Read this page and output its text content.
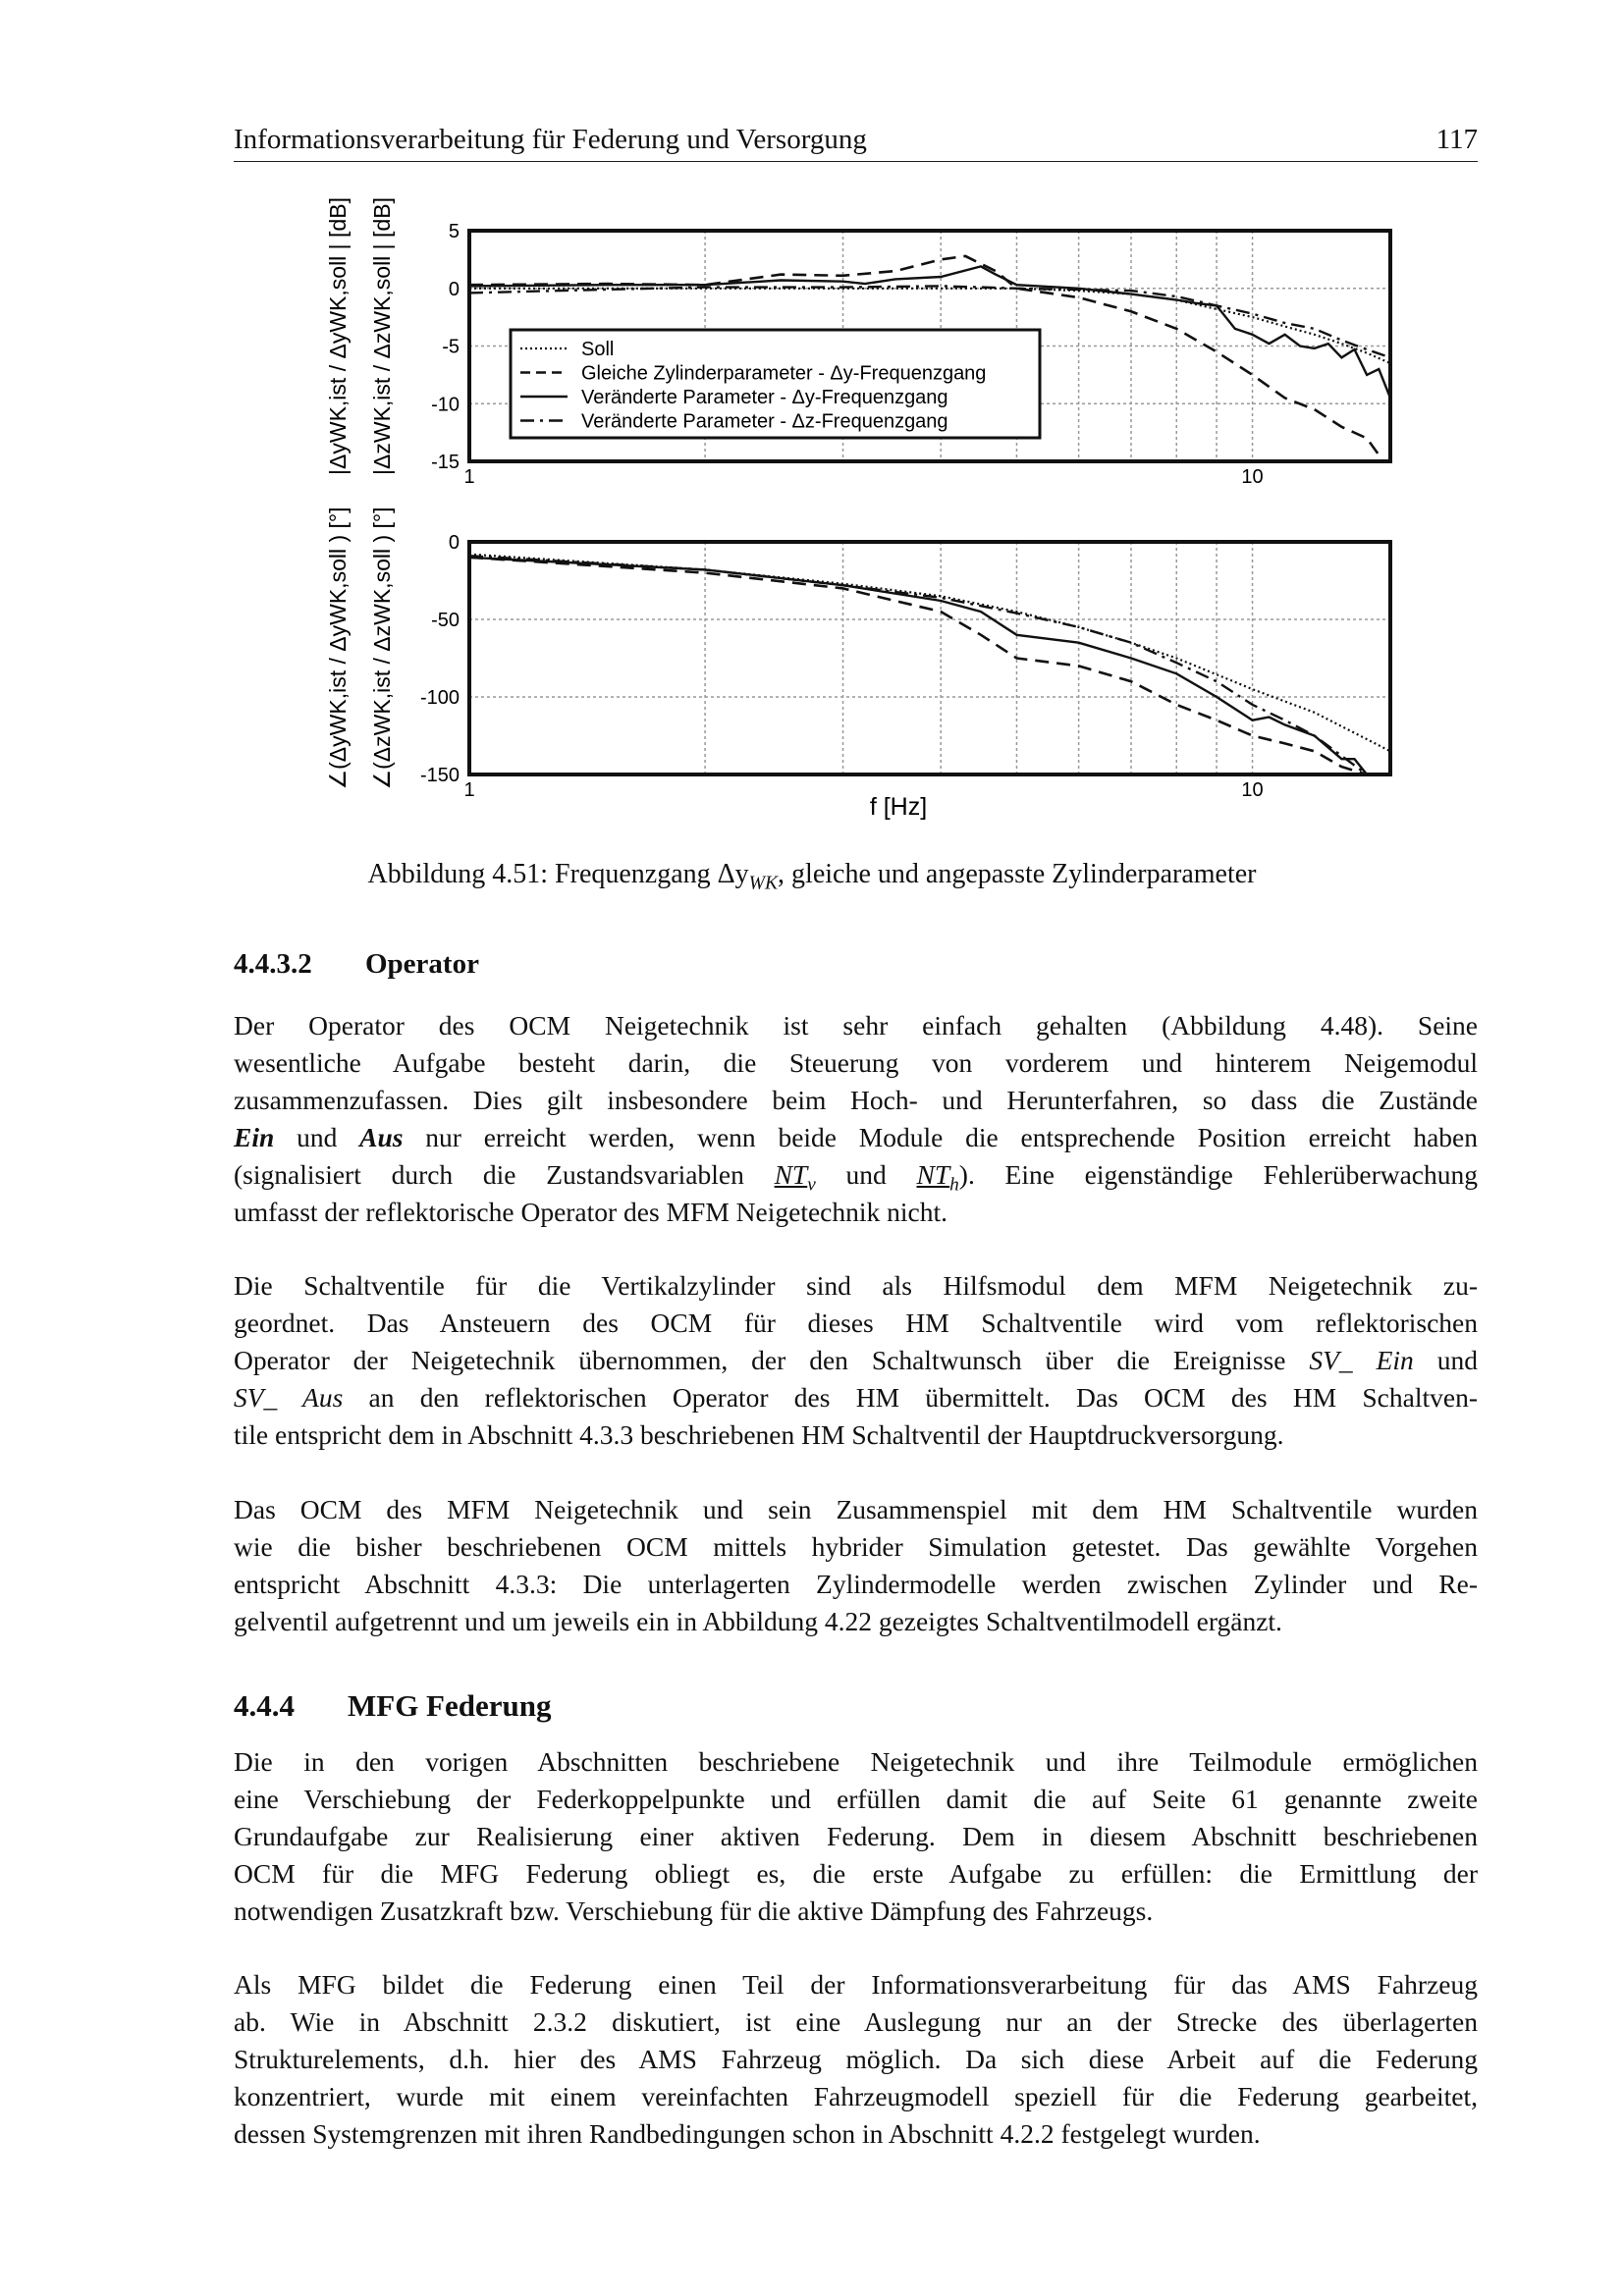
Informationsverarbeitung für Federung und Versorgung	117
5
0
-5
-10
-15
1	10
|ΔyWK,ist / ΔyWK,soll | [dB] |ΔzWK,ist / ΔzWK,soll | [dB]	Soll
Gleiche Zylinderparameter - Δy-Frequenzgang
Veränderte Parameter - Δy-Frequenzgang
Veränderte Parameter - Δz-Frequenzgang
0
-50
-100
-150
1	10
∠(ΔyWK,ist / ΔyWK,soll ) [°] ∠(ΔzWK,ist / ΔzWK,soll ) [°]
f [Hz]
Abbildung 4.51: Frequenzgang $\Delta y_{WK}$, gleiche und angepasste Zylinderparameter
4.4.3.2 Operator
4.4.4 MFG Federung
Der Operator des OCM Neigetechnik ist sehr einfach gehalten (Abbildung 4.48). Seine
wesentliche Aufgabe besteht darin, die Steuerung von vorderem und hinterem Neigemodul
zusammenzufassen. Dies gilt insbesondere beim Hoch- und Herunterfahren, so dass die Zustände
Ein und Aus nur erreicht werden, wenn beide Module die entsprechende Position erreicht haben
(signalisiert durch die Zustandsvariablen $NT_v$ und $NT_h$). Eine eigenständige Fehlerüberwachung
umfasst der reflektorische Operator des MFM Neigetechnik nicht.
Die Schaltventile für die Vertikalzylinder sind als Hilfsmodul dem MFM Neigetechnik zu-
geordnet. Das Ansteuern des OCM für dieses HM Schaltventile wird vom reflektorischen
Operator der Neigetechnik übernommen, der den Schaltwunsch über die Ereignisse SV_ Ein und
SV_ Aus an den reflektorischen Operator des HM übermittelt. Das OCM des HM Schaltven-
tile entspricht dem in Abschnitt 4.3.3 beschriebenen HM Schaltventil der Hauptdruckversorgung.
Das OCM des MFM Neigetechnik und sein Zusammenspiel mit dem HM Schaltventile wurden
wie die bisher beschriebenen OCM mittels hybrider Simulation getestet. Das gewählte Vorgehen
entspricht Abschnitt 4.3.3: Die unterlagerten Zylindermodelle werden zwischen Zylinder und Re-
gelventil aufgetrennt und um jeweils ein in Abbildung 4.22 gezeigtes Schaltventilmodell ergänzt.
Die in den vorigen Abschnitten beschriebene Neigetechnik und ihre Teilmodule ermöglichen
eine Verschiebung der Federkoppelpunkte und erfüllen damit die auf Seite 61 genannte zweite
Grundaufgabe zur Realisierung einer aktiven Federung. Dem in diesem Abschnitt beschriebenen
OCM für die MFG Federung obliegt es, die erste Aufgabe zu erfüllen: die Ermittlung der
notwendigen Zusatzkraft bzw. Verschiebung für die aktive Dämpfung des Fahrzeugs.
Als MFG bildet die Federung einen Teil der Informationsverarbeitung für das AMS Fahrzeug
ab. Wie in Abschnitt 2.3.2 diskutiert, ist eine Auslegung nur an der Strecke des überlagerten
Strukturelements, d.h. hier des AMS Fahrzeug möglich. Da sich diese Arbeit auf die Federung
konzentriert, wurde mit einem vereinfachten Fahrzeugmodell speziell für die Federung gearbeitet,
dessen Systemgrenzen mit ihren Randbedingungen schon in Abschnitt 4.2.2 festgelegt wurden.
